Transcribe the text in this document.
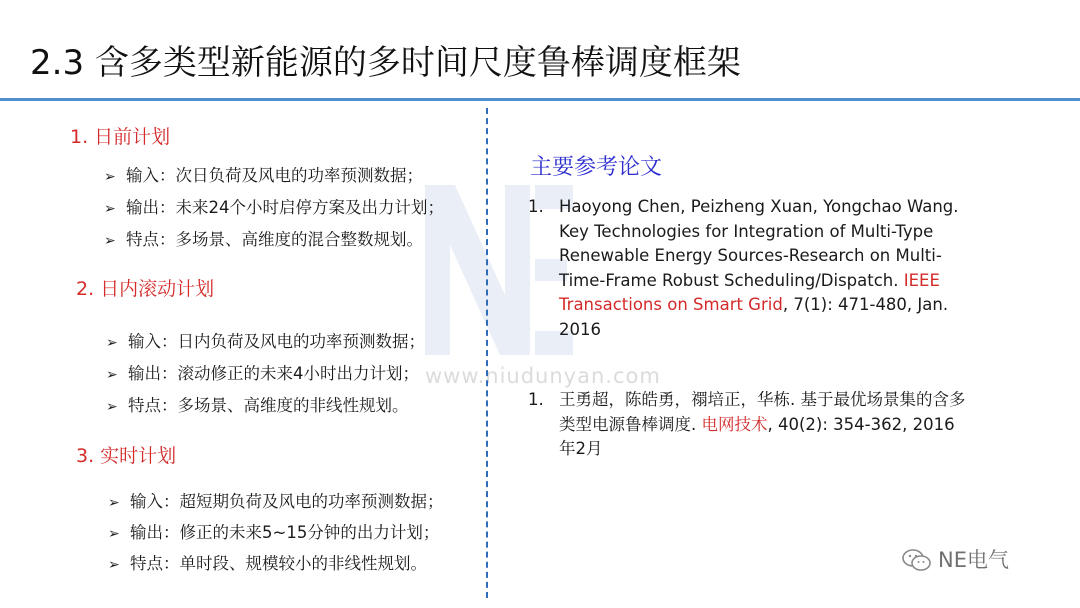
2.3 含多类型新能源的多时间尺度鲁棒调度框架
www.niudunyan.com
1. 日前计划
➢ 输入：次日负荷及风电的功率预测数据；
➢ 输出：未来24个小时启停方案及出力计划；
➢ 特点：多场景、高维度的混合整数规划。
2. 日内滚动计划
➢ 输入：日内负荷及风电的功率预测数据；
➢ 输出：滚动修正的未来4小时出力计划；
➢ 特点：多场景、高维度的非线性规划。
3. 实时计划
➢ 输入：超短期负荷及风电的功率预测数据；
➢ 输出：修正的未来5~15分钟的出力计划；
➢ 特点：单时段、规模较小的非线性规划。
主要参考论文
1. Haoyong Chen, Peizheng Xuan, Yongchao Wang. Key Technologies for Integration of Multi-Type Renewable Energy Sources-Research on Multi-Time-Frame Robust Scheduling/Dispatch. IEEE Transactions on Smart Grid, 7(1): 471-480, Jan. 2016
1. 王勇超，陈皓勇，禤培正，华栋. 基于最优场景集的含多类型电源鲁棒调度. 电网技术, 40(2): 354-362, 2016年2月
NE电气
